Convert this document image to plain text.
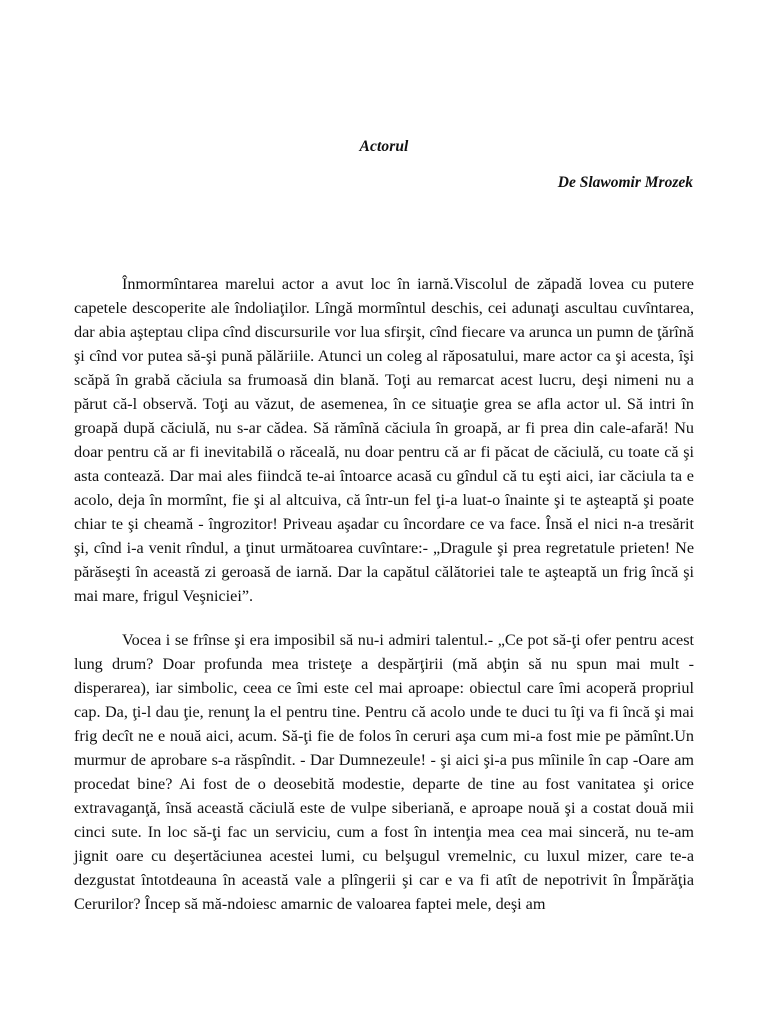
Actorul

De Slawomir Mrozek

Înmormîntarea marelui actor a avut loc în iarnă.Viscolul de zăpadă lovea cu putere capetele descoperite ale îndoliaţilor. Lîngă mormîntul deschis, cei adunaţi ascultau cuvîntarea, dar abia aşteptau clipa cînd discursurile vor lua sfirşit, cînd fiecare va arunca un pumn de ţărînă şi cînd vor putea să-şi pună pălăriile. Atunci un coleg al răposatului, mare actor ca şi acesta, îşi scăpă în grabă căciula sa frumoasă din blană. Toţi au remarcat acest lucru, deşi nimeni nu a părut că-l observă. Toţi au văzut, de asemenea, în ce situaţie grea se afla actor ul. Să intri în groapă după căciulă, nu s-ar cădea. Să rămînă căciula în groapă, ar fi prea din cale-afară! Nu doar pentru că ar fi inevitabilă o răceală, nu doar pentru că ar fi păcat de căciulă, cu toate că şi asta contează. Dar mai ales fiindcă te-ai întoarce acasă cu gîndul că tu eşti aici, iar căciula ta e acolo, deja în mormînt, fie şi al altcuiva, că într-un fel ţi-a luat-o înainte şi te aşteaptă şi poate chiar te şi cheamă - îngrozitor! Priveau aşadar cu încordare ce va face. Însă el nici n-a tresărit şi, cînd i-a venit rîndul, a ţinut următoarea cuvîntare:- „Dragule şi prea regretatule prieten! Ne părăseşti în această zi geroasă de iarnă. Dar la capătul călătoriei tale te aşteaptă un frig încă şi mai mare, frigul Veşniciei”.

Vocea i se frînse şi era imposibil să nu-i admiri talentul.- „Ce pot să-ţi ofer pentru acest lung drum? Doar profunda mea tristeţe a despărţirii (mă abţin să nu spun mai mult - disperarea), iar simbolic, ceea ce îmi este cel mai aproape: obiectul care îmi acoperă propriul cap. Da, ţi-l dau ţie, renunţ la el pentru tine. Pentru că acolo unde te duci tu îţi va fi încă şi mai frig decît ne e nouă aici, acum. Să-ţi fie de folos în ceruri aşa cum mi-a fost mie pe pămînt.Un murmur de aprobare s-a răspîndit. - Dar Dumnezeule! - şi aici şi-a pus mîinile în cap -Oare am procedat bine? Ai fost de o deosebită modestie, departe de tine au fost vanitatea şi orice extravaganţă, însă această căciulă este de vulpe siberiană, e aproape nouă şi a costat două mii cinci sute. In loc să-ţi fac un serviciu, cum a fost în intenţia mea cea mai sinceră, nu te-am jignit oare cu deşertăciunea acestei lumi, cu belşugul vremelnic, cu luxul mizer, care te-a dezgustat întotdeauna în această vale a plîngerii şi car e va fi atît de nepotrivit în Împărăţia Cerurilor? Încep să mă-ndoiesc amarnic de valoarea faptei mele, deşi am
